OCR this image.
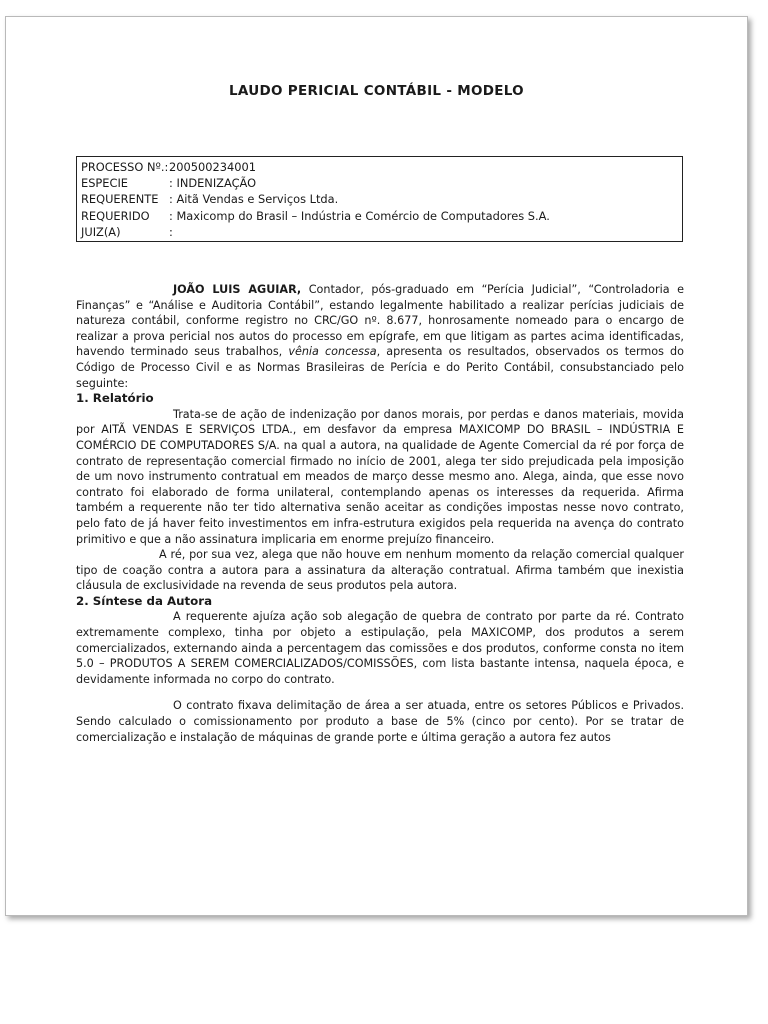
LAUDO PERICIAL CONTÁBIL - MODELO
PROCESSO Nº.: 200500234001
ESPECIE	: INDENIZAÇÃO
REQUERENTE : Aitã Vendas e Serviços Ltda.
REQUERIDO	: Maxicomp do Brasil – Indústria e Comércio de Computadores S.A.
JUIZ(A)	:

JOÃO LUIS AGUIAR, Contador, pós-graduado em “Perícia Judicial”, “Controladoria e Finanças” e “Análise e Auditoria Contábil”, estando legalmente habilitado a realizar perícias judiciais de natureza contábil, conforme registro no CRC/GO nº. 8.677, honrosamente nomeado para o encargo de realizar a prova pericial nos autos do processo em epígrafe, em que litigam as partes acima identificadas, havendo terminado seus trabalhos, vênia concessa, apresenta os resultados, observados os termos do Código de Processo Civil e as Normas Brasileiras de Perícia e do Perito Contábil, consubstanciado pelo seguinte:

1. Relatório

Trata-se de ação de indenização por danos morais, por perdas e danos materiais, movida por AITÃ VENDAS E SERVIÇOS LTDA., em desfavor da empresa MAXICOMP DO BRASIL – INDÚSTRIA E COMÉRCIO DE COMPUTADORES S/A. na qual a autora, na qualidade de Agente Comercial da ré por força de contrato de representação comercial firmado no início de 2001, alega ter sido prejudicada pela imposição de um novo instrumento contratual em meados de março desse mesmo ano. Alega, ainda, que esse novo contrato foi elaborado de forma unilateral, contemplando apenas os interesses da requerida. Afirma também a requerente não ter tido alternativa senão aceitar as condições impostas nesse novo contrato, pelo fato de já haver feito investimentos em infra-estrutura exigidos pela requerida na avença do contrato primitivo e que a não assinatura implicaria em enorme prejuízo financeiro.

A ré, por sua vez, alega que não houve em nenhum momento da relação comercial qualquer tipo de coação contra a autora para a assinatura da alteração contratual. Afirma também que inexistia cláusula de exclusividade na revenda de seus produtos pela autora.

2. Síntese da Autora

A requerente ajuíza ação sob alegação de quebra de contrato por parte da ré. Contrato extremamente complexo, tinha por objeto a estipulação, pela MAXICOMP, dos produtos a serem comercializados, externando ainda a percentagem das comissões e dos produtos, conforme consta no item 5.0 – PRODUTOS A SEREM COMERCIALIZADOS/COMISSÕES, com lista bastante intensa, naquela época, e devidamente informada no corpo do contrato.

O contrato fixava delimitação de área a ser atuada, entre os setores Públicos e Privados. Sendo calculado o comissionamento por produto a base de 5% (cinco por cento). Por se tratar de comercialização e instalação de máquinas de grande porte e última geração a autora fez autos
